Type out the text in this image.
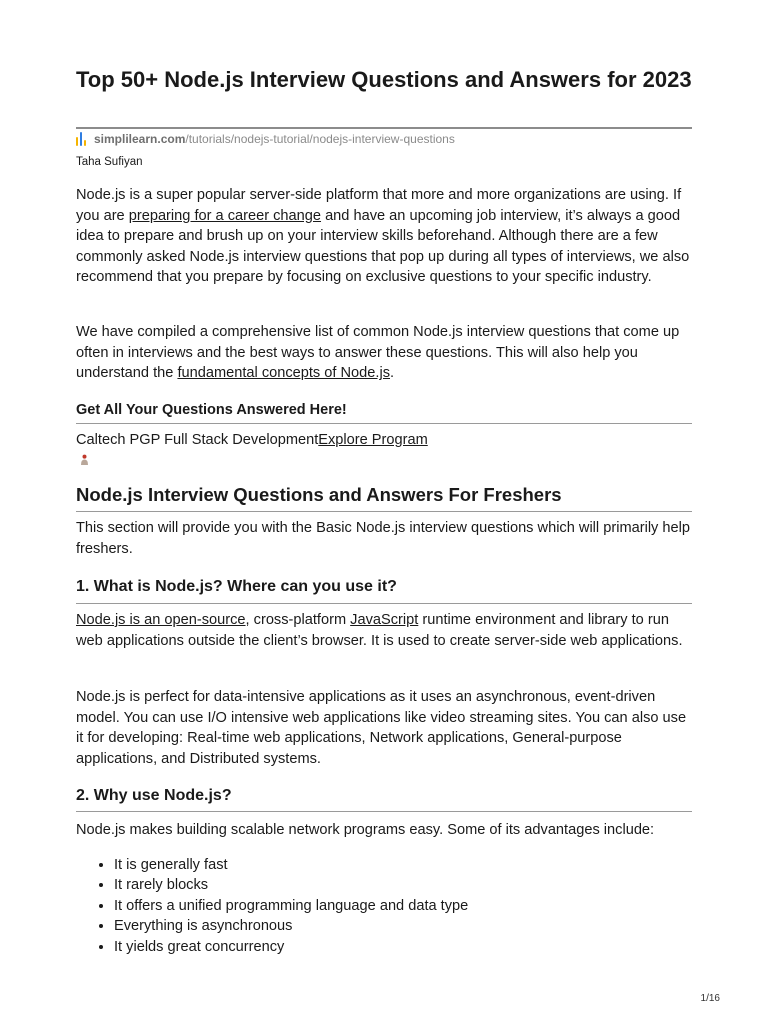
Top 50+ Node.js Interview Questions and Answers for 2023
simplilearn.com /tutorials/nodejs-tutorial/nodejs-interview-questions
Taha Sufiyan

Node.js is a super popular server-side platform that more and more organizations are using. If you are preparing for a career change and have an upcoming job interview, it’s always a good idea to prepare and brush up on your interview skills beforehand. Although there are a few commonly asked Node.js interview questions that pop up during all types of interviews, we also recommend that you prepare by focusing on exclusive questions to your specific industry.

We have compiled a comprehensive list of common Node.js interview questions that come up often in interviews and the best ways to answer these questions. This will also help you understand the fundamental concepts of Node.js.

Get All Your Questions Answered Here!

Caltech PGP Full Stack DevelopmentExplore Program

Node.js Interview Questions and Answers For Freshers

This section will provide you with the Basic Node.js interview questions which will primarily help freshers.

1. What is Node.js? Where can you use it?

Node.js is an open-source, cross-platform JavaScript runtime environment and library to run web applications outside the client’s browser. It is used to create server-side web applications.

Node.js is perfect for data-intensive applications as it uses an asynchronous, event-driven model. You can use I/O intensive web applications like video streaming sites. You can also use it for developing: Real-time web applications, Network applications, General-purpose applications, and Distributed systems.

2. Why use Node.js?

Node.js makes building scalable network programs easy. Some of its advantages include:

• It is generally fast
• It rarely blocks
• It offers a unified programming language and data type
• Everything is asynchronous
• It yields great concurrency
1/16
